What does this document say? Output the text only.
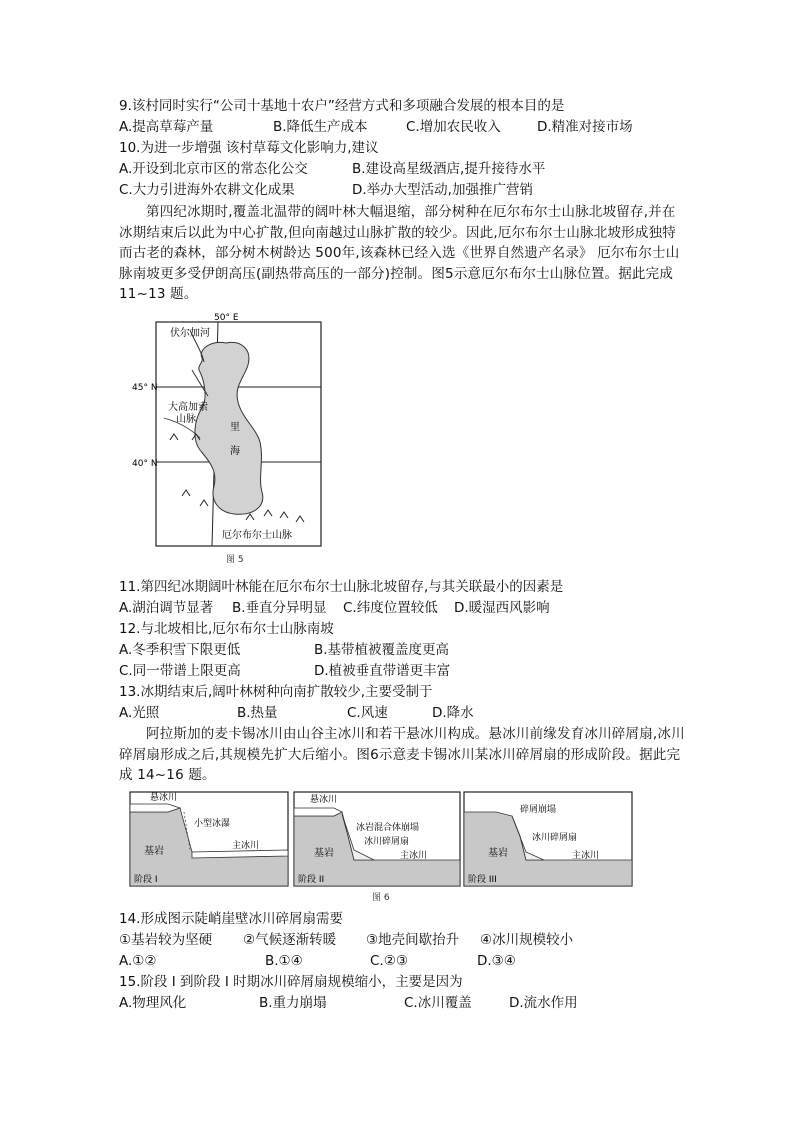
9.该村同时实行“公司十基地十农户”经营方式和多项融合发展的根本目的是
A.提高草莓产量	B.降低生产成本	C.增加农民收入	D.精准对接市场
10.为进一步增强 该村草莓文化影响力,建议
A.开设到北京市区的常态化公交	B.建设高星级酒店,提升接待水平
C.大力引进海外农耕文化成果	D.举办大型活动,加强推广营销
第四纪冰期时,覆盖北温带的阔叶林大幅退缩，部分树种在厄尔布尔士山脉北坡留存,并在冰期结束后以此为中心扩散,但向南越过山脉扩散的较少。因此,厄尔布尔士山脉北坡形成独特而古老的森林，部分树木树龄达 500年,该森林已经入选《世界自然遗产名录》 厄尔布尔士山脉南坡更多受伊朗高压(副热带高压的一部分)控制。图5示意厄尔布尔士山脉位置。据此完成 11~13 题。
50° E
45° N
40° N
伏尔加河
大高加索
山脉
里
海
厄尔布尔士山脉
图 5
11.第四纪冰期阔叶林能在厄尔布尔士山脉北坡留存,与其关联最小的因素是
A.湖泊调节显著 B.垂直分异明显 C.纬度位置较低 D.暖湿西风影响
12.与北坡相比,厄尔布尔士山脉南坡
A.冬季积雪下限更低	B.基带植被覆盖度更高
C.同一带谱上限更高	D.植被垂直带谱更丰富
13.冰期结束后,阔叶林树种向南扩散较少,主要受制于
A.光照	B.热量	C.风速	D.降水
阿拉斯加的麦卡锡冰川由山谷主冰川和若干悬冰川构成。悬冰川前缘发育冰川碎屑扇,冰川碎屑扇形成之后,其规模先扩大后缩小。图6示意麦卡锡冰川某冰川碎屑扇的形成阶段。据此完成 14~16 题。
悬冰川
小型冰瀑
基岩	主冰川
阶段 I
悬冰川
冰岩混合体崩塌
冰川碎屑扇
基岩	主冰川
阶段 II
碎屑崩塌
冰川碎屑扇
基岩	主冰川
阶段 III
图 6
14.形成图示陡峭崖壁冰川碎屑扇需要
①基岩较为坚硬 ②气候逐渐转暖 ③地壳间歇抬升 ④冰川规模较小
A.①②	B.①④	C.②③	D.③④
15.阶段 I 到阶段 I 时期冰川碎屑扇规模缩小，主要是因为
A.物理风化	B.重力崩塌	C.冰川覆盖	D.流水作用
